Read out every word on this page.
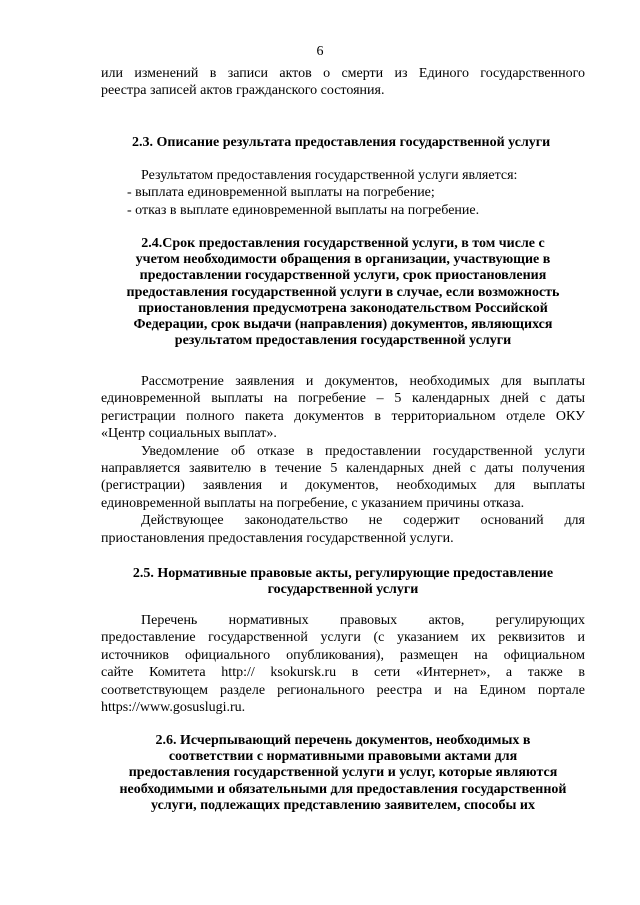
6
или изменений в записи актов о смерти из Единого государственного
реестра записей актов гражданского состояния.
2.3. Описание результата предоставления государственной услуги
Результатом предоставления государственной услуги является:
- выплата единовременной выплаты на погребение;
- отказ в выплате единовременной выплаты на погребение.
2.4.Срок предоставления государственной услуги, в том числе с
учетом необходимости обращения в организации, участвующие в
предоставлении государственной услуги, срок приостановления
предоставления государственной услуги в случае, если возможность
приостановления предусмотрена законодательством Российской
Федерации, срок выдачи (направления) документов, являющихся
результатом предоставления государственной услуги
Рассмотрение заявления и документов, необходимых для выплаты
единовременной выплаты на погребение – 5 календарных дней с даты
регистрации полного пакета документов в территориальном отделе ОКУ
«Центр социальных выплат».
Уведомление об отказе в предоставлении государственной услуги
направляется заявителю в течение 5 календарных дней с даты получения
(регистрации) заявления и документов, необходимых для выплаты
единовременной выплаты на погребение, с указанием причины отказа.
Действующее законодательство не содержит оснований для
приостановления предоставления государственной услуги.
2.5. Нормативные правовые акты, регулирующие предоставление
государственной услуги
Перечень нормативных правовых актов, регулирующих
предоставление государственной услуги (с указанием их реквизитов и
источников официального опубликования), размещен на официальном
сайте Комитета http:// ksokursk.ru в сети «Интернет», а также в
соответствующем разделе регионального реестра и на Едином портале
https://www.gosuslugi.ru.
2.6. Исчерпывающий перечень документов, необходимых в
соответствии с нормативными правовыми актами для
предоставления государственной услуги и услуг, которые являются
необходимыми и обязательными для предоставления государственной
услуги, подлежащих представлению заявителем, способы их
